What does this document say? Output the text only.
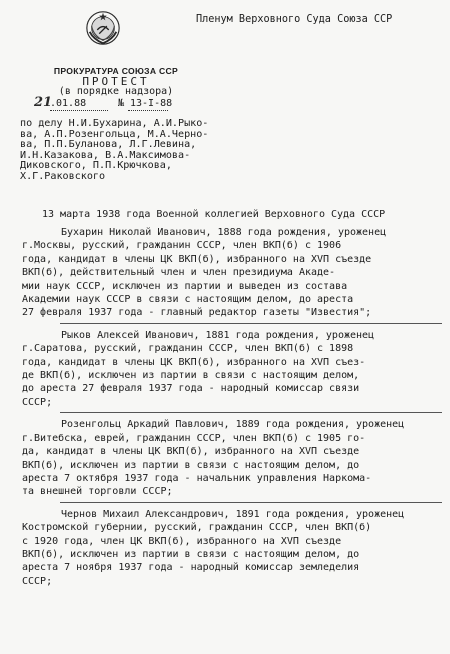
Пленум Верховного Суда Союза ССР
ПРОКУРАТУРА СОЮЗА ССР
ПРОТЕСТ
(в порядке надзора)
21
.01.88	№ 13-I-88
по делу Н.И.Бухарина, А.И.Рыко-
ва, А.П.Розенгольца, М.А.Черно-
ва, П.П.Буланова, Л.Г.Левина,
И.Н.Казакова, В.А.Максимова-
Диковского, П.П.Крючкова,
Х.Г.Раковского
13 марта 1938 года Военной коллегией Верховного Суда СССР
Бухарин Николай Иванович, 1888 года рождения, уроженец
г.Москвы, русский, гражданин СССР, член ВКП(б) с 1906
года, кандидат в члены ЦК ВКП(б), избранного на ХVП съезде
ВКП(б), действительный член и член президиума Акаде-
мии наук СССР, исключен из партии и выведен из состава
Академии наук СССР в связи с настоящим делом, до ареста
27 февраля 1937 года - главный редактор газеты "Известия";
Рыков Алексей Иванович, 1881 года рождения, уроженец
г.Саратова, русский, гражданин СССР, член ВКП(б) с 1898
года, кандидат в члены ЦК ВКП(б), избранного на ХVП съез-
де ВКП(б), исключен из партии в связи с настоящим делом,
до ареста 27 февраля 1937 года - народный комиссар связи
СССР;
Розенгольц Аркадий Павлович, 1889 года рождения, уроженец
г.Витебска, еврей, гражданин СССР, член ВКП(б) с 1905 го-
да, кандидат в члены ЦК ВКП(б), избранного на ХVП съезде
ВКП(б), исключен из партии в связи с настоящим делом, до
ареста 7 октября 1937 года - начальник управления Наркома-
та внешней торговли СССР;
Чернов Михаил Александрович, 1891 года рождения, уроженец
Костромской губернии, русский, гражданин СССР, член ВКП(б)
с 1920 года, член ЦК ВКП(б), избранного на ХVП съезде
ВКП(б), исключен из партии в связи с настоящим делом, до
ареста 7 ноября 1937 года - народный комиссар земледелия
СССР;
